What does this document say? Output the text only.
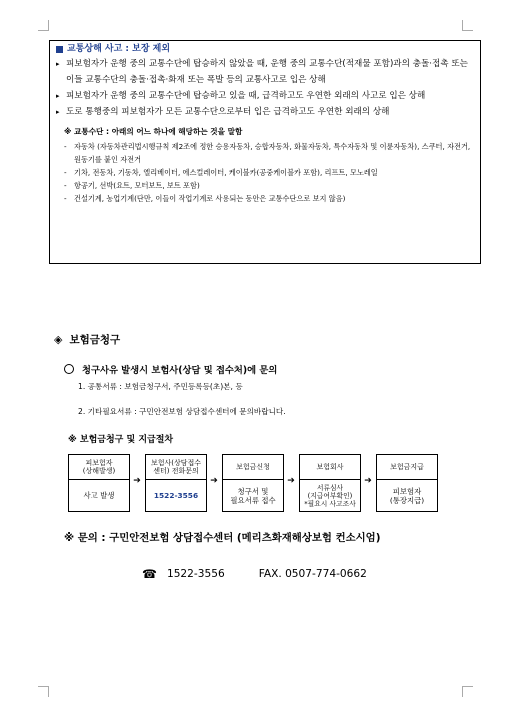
교통상해 사고 : 보장 제외
▸ 피보험자가 운행 중의 교통수단에 탑승하지 않았을 때, 운행 중의 교통수단(적재물 포함)과의 충돌·접촉 또는 이들 교통수단의 충돌·접촉·화재 또는 폭발 등의 교통사고로 입은 상해
▸ 피보험자가 운행 중의 교통수단에 탑승하고 있을 때, 급격하고도 우연한 외래의 사고로 입은 상해
▸ 도로 통행중의 피보험자가 모든 교통수단으로부터 입은 급격하고도 우연한 외래의 상해
※ 교통수단 : 아래의 어느 하나에 해당하는 것을 말함
-	자동차 (자동차관리법시행규칙 제2조에 정한 승용자동차, 승합자동차, 화물자동차, 특수자동차 및 이륜자동차), 스쿠터, 자전거, 원동기를 붙인 자전거
-	기차, 전동차, 기동차, 엘리베이터, 에스컬레이터, 케이블카(공중케이블카 포함), 리프트, 모노레일
-	항공기, 선박(요트, 모터보트, 보트 포함)
-	건설기계, 농업기계(단만, 이들이 작업기계로 사용되는 동안은 교통수단으로 보지 않음)
◈ 보험금청구
청구사유 발생시 보험사(상담 및 접수처)에 문의
1. 공통서류 : 보험금청구서, 주민등록등(초)본, 등
2. 기타필요서류 : 구민안전보험 상담접수센터에 문의바랍니다.
※ 보험금청구 및 지급절차
피보험자
(상해발생)
사고 발생
➔
보험사(상담접수
센터) 전화문의
1522-3556
➔
보험금신청
청구서 및
필요서류 접수
➔
보험회사
서류심사
(지급여부확인)
*필요시 사고조사
➔
보험금지급
피보험자
(통장지급)
※ 문의 : 구민안전보험 상담접수센터 (메리츠화재해상보험 컨소시엄)
☎ 1522-3556	FAX. 0507-774-0662
